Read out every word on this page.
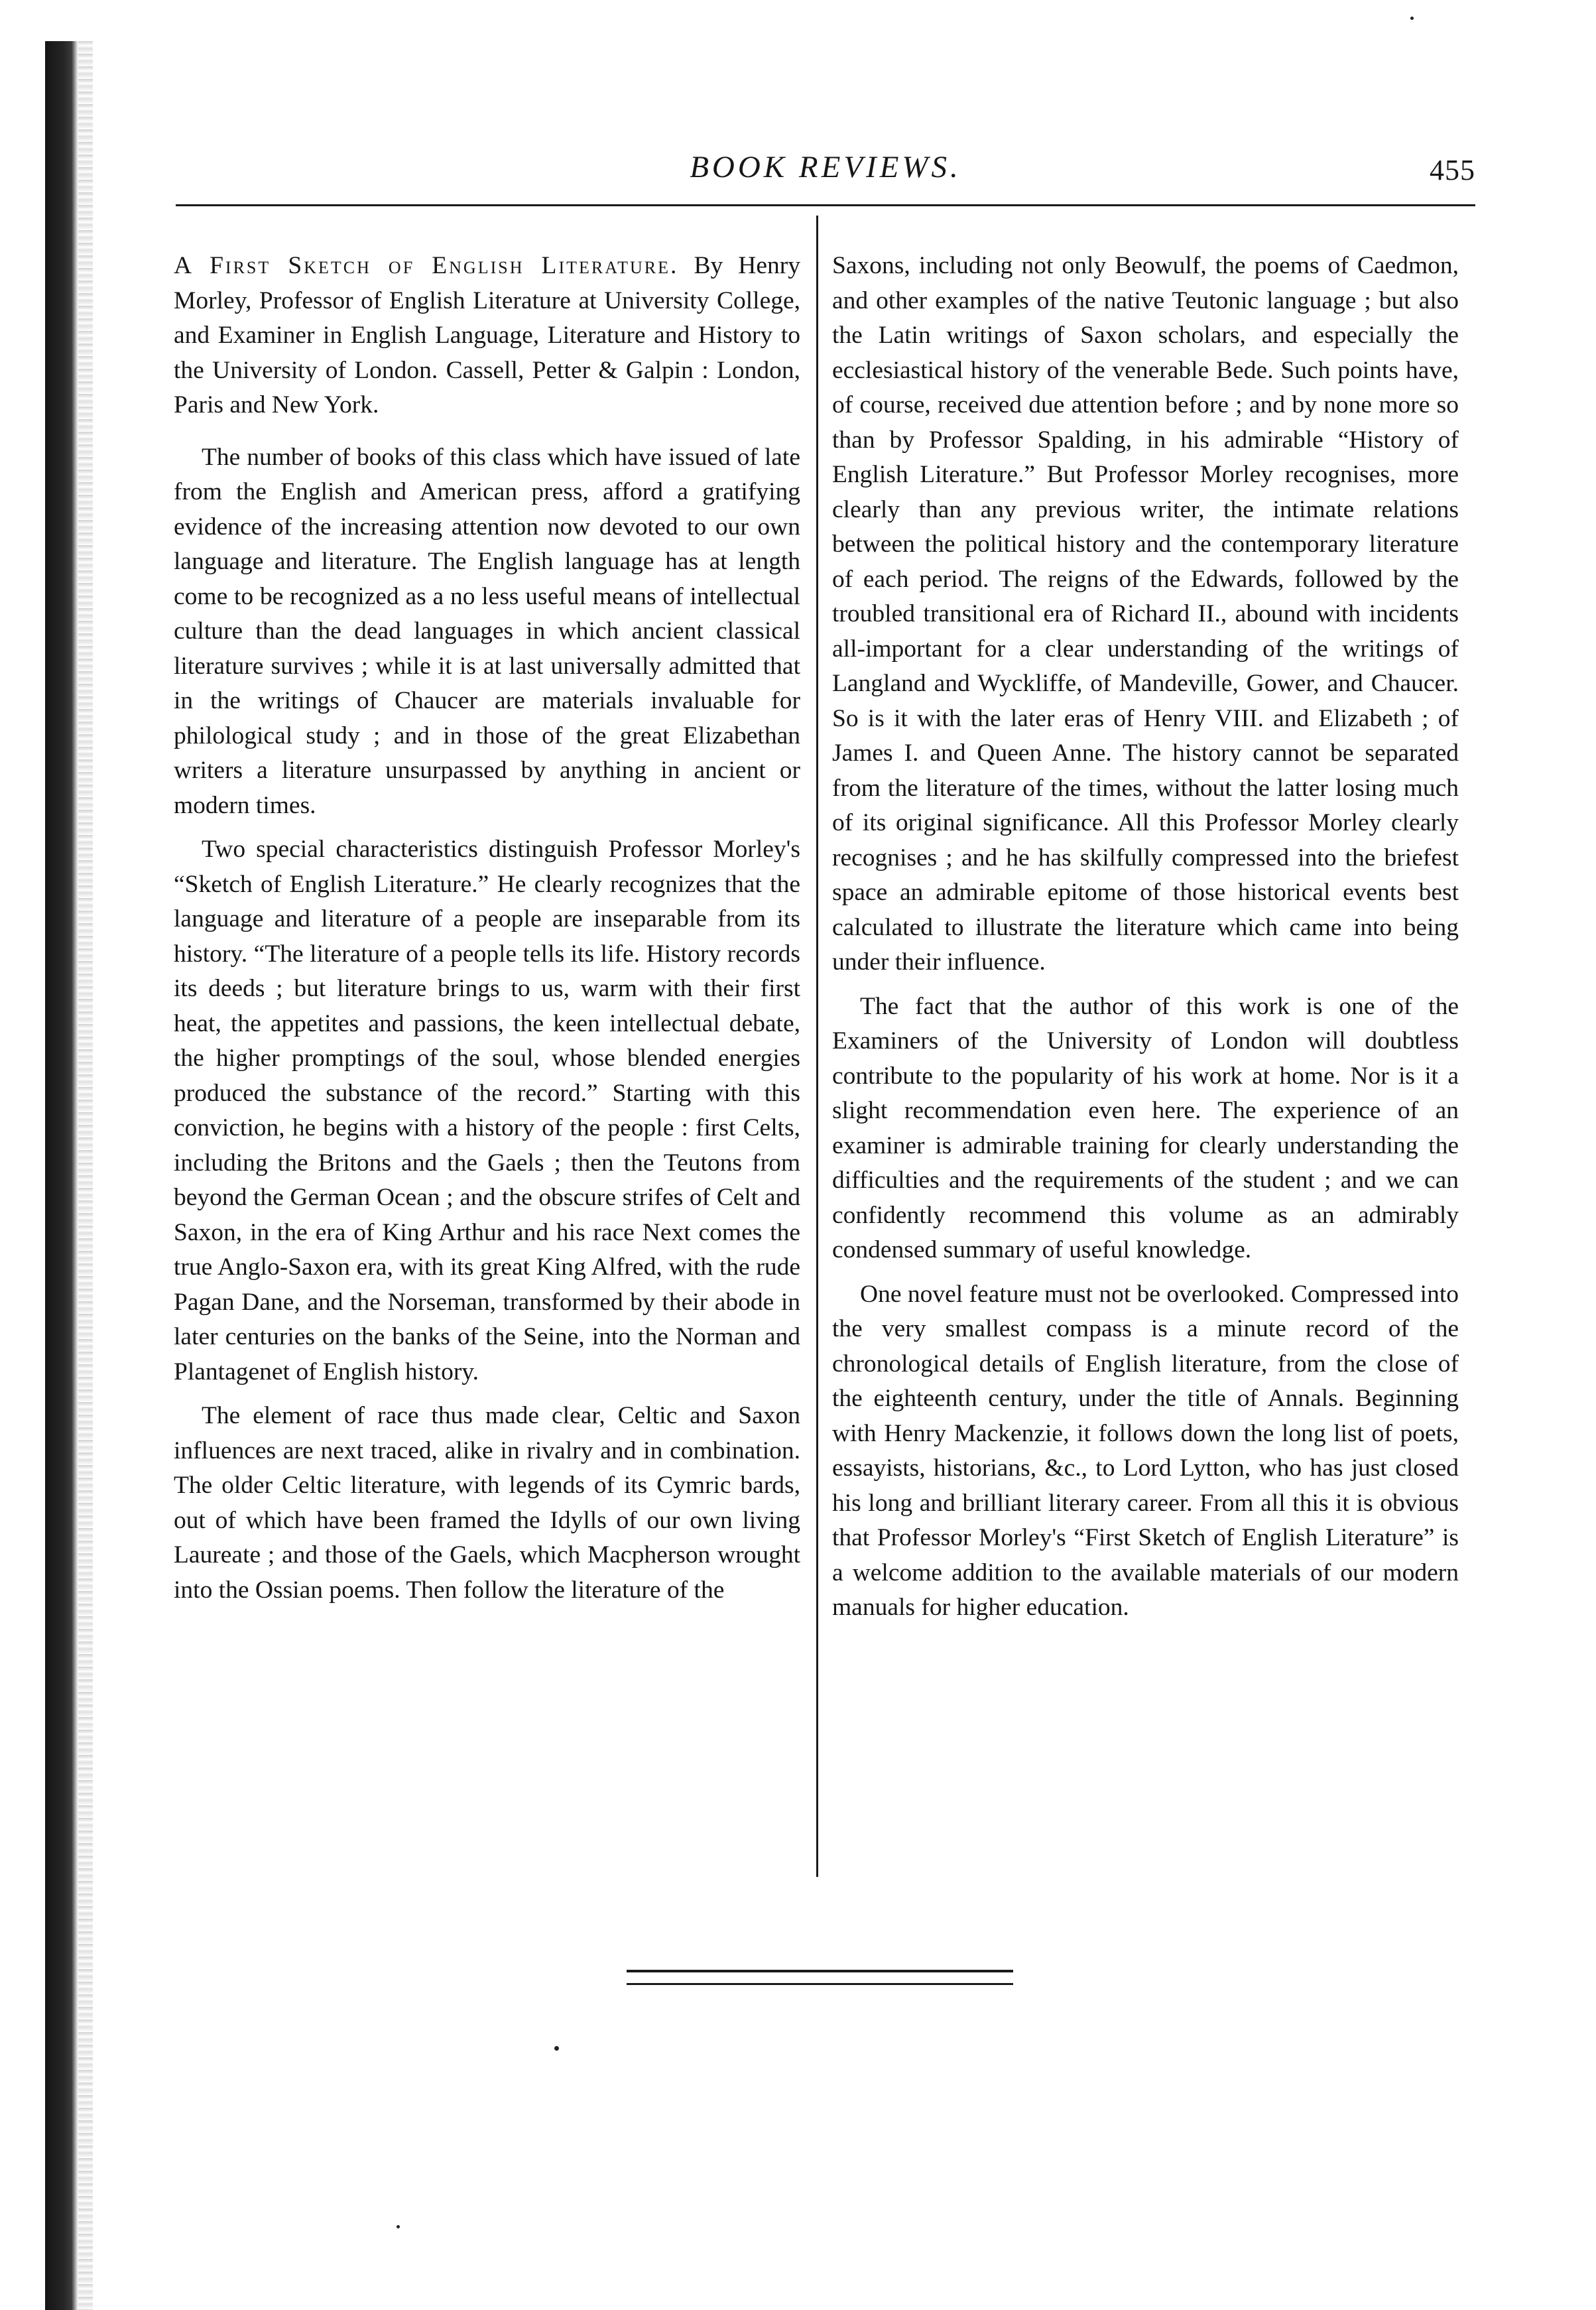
BOOK REVIEWS.	455

A First Sketch of English Literature. By Henry Morley, Professor of English Literature at University College, and Examiner in English Language, Literature and History to the University of London. Cassell, Petter & Galpin : London, Paris and New York.

The number of books of this class which have issued of late from the English and American press, afford a gratifying evidence of the increasing attention now devoted to our own language and literature. The English language has at length come to be recognized as a no less useful means of intellectual culture than the dead languages in which ancient classical literature survives ; while it is at last universally admitted that in the writings of Chaucer are materials invaluable for philological study ; and in those of the great Elizabethan writers a literature unsurpassed by anything in ancient or modern times.

Two special characteristics distinguish Professor Morley's “Sketch of English Literature.” He clearly recognizes that the language and literature of a people are inseparable from its history. “The literature of a people tells its life. History records its deeds ; but literature brings to us, warm with their first heat, the appetites and passions, the keen intellectual debate, the higher promptings of the soul, whose blended energies produced the substance of the record.” Starting with this conviction, he begins with a history of the people : first Celts, including the Britons and the Gaels ; then the Teutons from beyond the German Ocean ; and the obscure strifes of Celt and Saxon, in the era of King Arthur and his race Next comes the true Anglo-Saxon era, with its great King Alfred, with the rude Pagan Dane, and the Norseman, transformed by their abode in later centuries on the banks of the Seine, into the Norman and Plantagenet of English history.

The element of race thus made clear, Celtic and Saxon influences are next traced, alike in rivalry and in combination. The older Celtic literature, with legends of its Cymric bards, out of which have been framed the Idylls of our own living Laureate ; and those of the Gaels, which Macpherson wrought into the Ossian poems. Then follow the literature of the

Saxons, including not only Beowulf, the poems of Caedmon, and other examples of the native Teutonic language ; but also the Latin writings of Saxon scholars, and especially the ecclesiastical history of the venerable Bede. Such points have, of course, received due attention before ; and by none more so than by Professor Spalding, in his admirable “History of English Literature.” But Professor Morley recognises, more clearly than any previous writer, the intimate relations between the political history and the contemporary literature of each period. The reigns of the Edwards, followed by the troubled transitional era of Richard II., abound with incidents all-important for a clear understanding of the writings of Langland and Wyckliffe, of Mandeville, Gower, and Chaucer. So is it with the later eras of Henry VIII. and Elizabeth ; of James I. and Queen Anne. The history cannot be separated from the literature of the times, without the latter losing much of its original significance. All this Professor Morley clearly recognises ; and he has skilfully compressed into the briefest space an admirable epitome of those historical events best calculated to illustrate the literature which came into being under their influence.

The fact that the author of this work is one of the Examiners of the University of London will doubtless contribute to the popularity of his work at home. Nor is it a slight recommendation even here. The experience of an examiner is admirable training for clearly understanding the difficulties and the requirements of the student ; and we can confidently recommend this volume as an admirably condensed summary of useful knowledge.

One novel feature must not be overlooked. Compressed into the very smallest compass is a minute record of the chronological details of English literature, from the close of the eighteenth century, under the title of Annals. Beginning with Henry Mackenzie, it follows down the long list of poets, essayists, historians, &c., to Lord Lytton, who has just closed his long and brilliant literary career. From all this it is obvious that Professor Morley's “First Sketch of English Literature” is a welcome addition to the available materials of our modern manuals for higher education.
